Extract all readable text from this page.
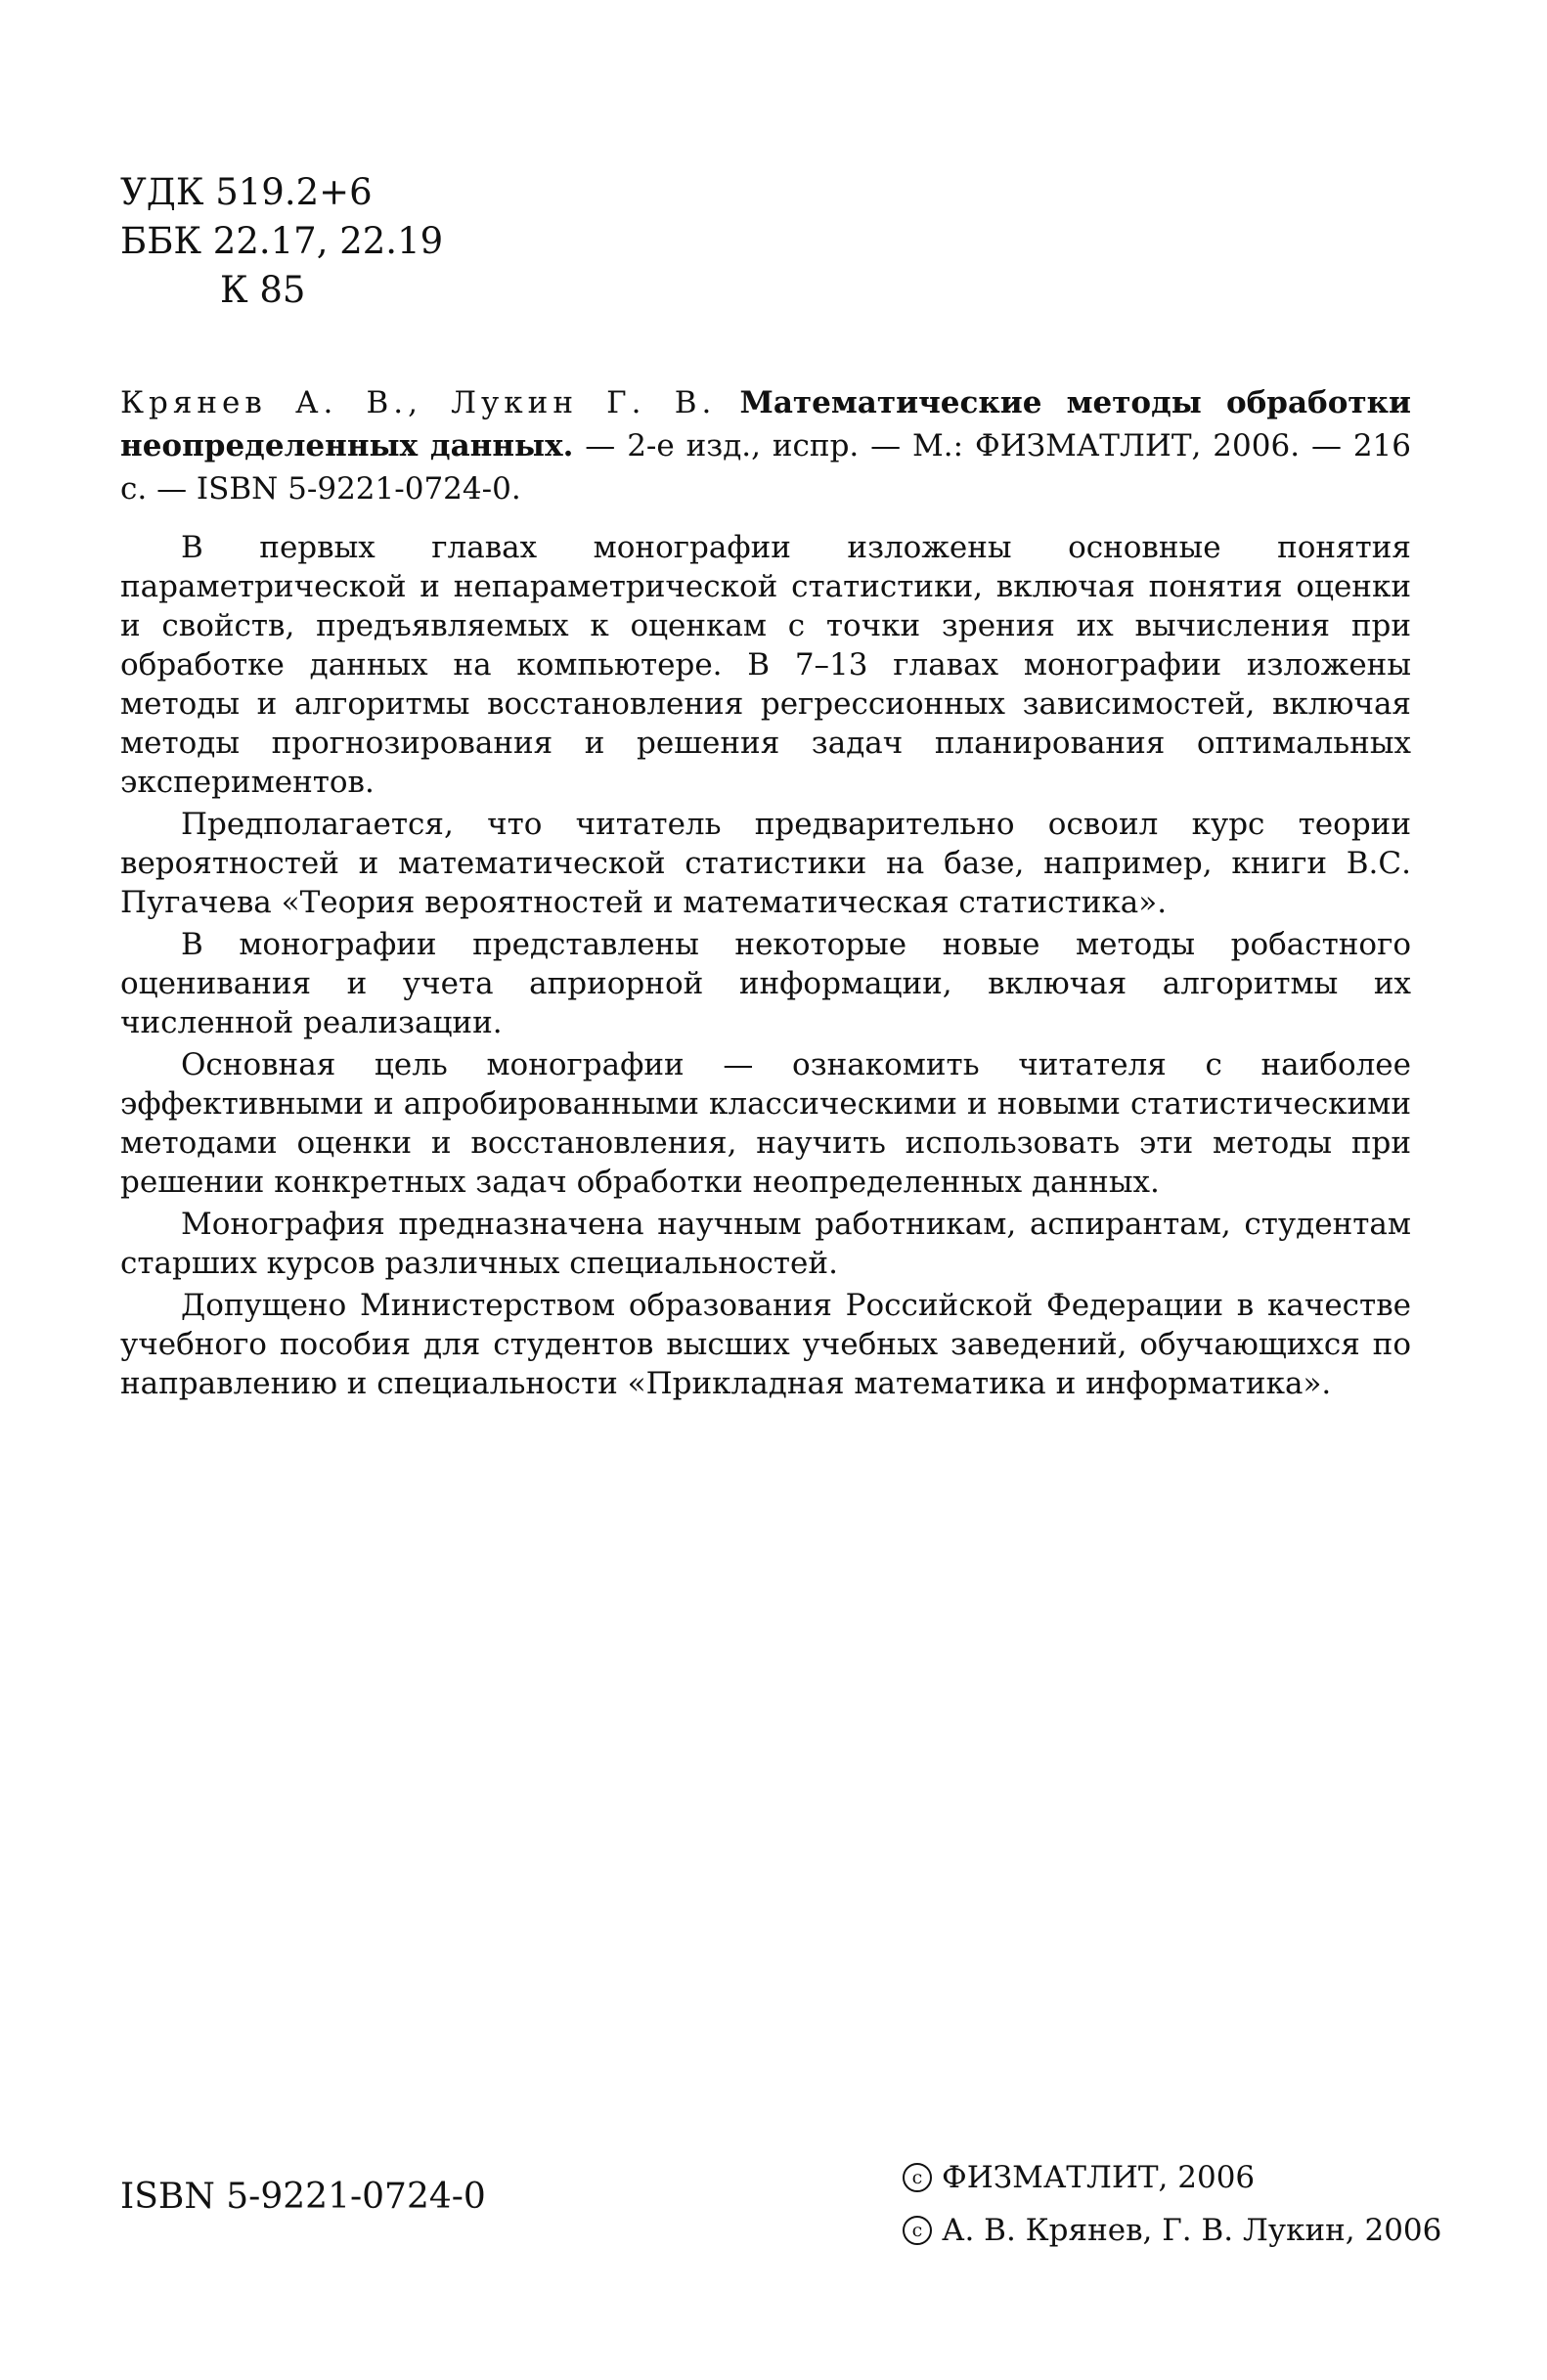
УДК 519.2+6
ББК 22.17, 22.19
К 85
Крянев А. В., Лукин Г. В. Математические методы обработки неопределенных данных. — 2-е изд., испр. — М.: ФИЗМАТЛИТ, 2006. — 216 с. — ISBN 5-9221-0724-0.

В первых главах монографии изложены основные понятия параметрической и непараметрической статистики, включая понятия оценки и свойств, предъявляемых к оценкам с точки зрения их вычисления при обработке данных на компьютере. В 7–13 главах монографии изложены методы и алгоритмы восстановления регрессионных зависимостей, включая методы прогнозирования и решения задач планирования оптимальных экспериментов.

Предполагается, что читатель предварительно освоил курс теории вероятностей и математической статистики на базе, например, книги В.С. Пугачева «Теория вероятностей и математическая статистика».

В монографии представлены некоторые новые методы робастного оценивания и учета априорной информации, включая алгоритмы их численной реализации.

Основная цель монографии — ознакомить читателя с наиболее эффективными и апробированными классическими и новыми статистическими методами оценки и восстановления, научить использовать эти методы при решении конкретных задач обработки неопределенных данных.

Монография предназначена научным работникам, аспирантам, студентам старших курсов различных специальностей.

Допущено Министерством образования Российской Федерации в качестве учебного пособия для студентов высших учебных заведений, обучающихся по направлению и специальности «Прикладная математика и информатика».

ISBN 5-9221-0724-0	c ФИЗМАТЛИТ, 2006
c А. В. Крянев, Г. В. Лукин, 2006
